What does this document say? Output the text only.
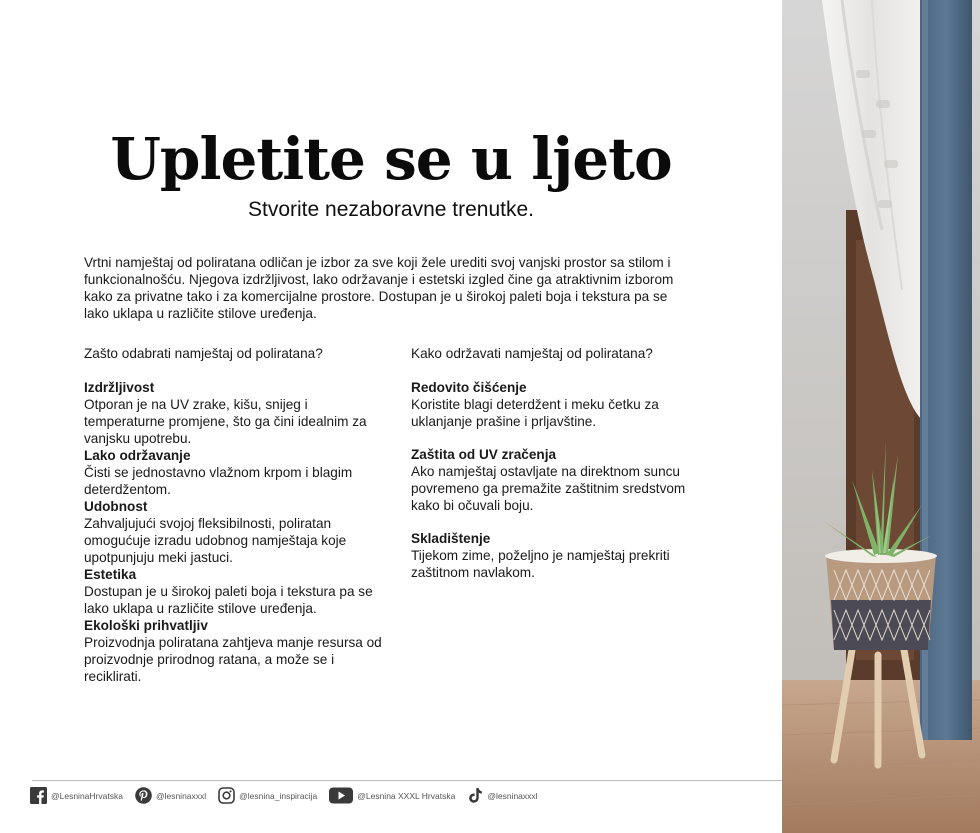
Upletite se u ljeto
Stvorite nezaboravne trenutke.

Vrtni namještaj od poliratana odličan je izbor za sve koji žele urediti svoj vanjski prostor sa stilom i funkcionalnošću. Njegova izdržljivost, lako održavanje i estetski izgled čine ga atraktivnim izborom kako za privatne tako i za komercijalne prostore. Dostupan je u širokoj paleti boja i tekstura pa se lako uklapa u različite stilove uređenja.

Zašto odabrati namještaj od poliratana?

Izdržljivost

Otporan je na UV zrake, kišu, snijeg i temperaturne promjene, što ga čini idealnim za vanjsku upotrebu.

Lako održavanje

Čisti se jednostavno vlažnom krpom i blagim deterdžentom.

Udobnost

Zahvaljujući svojoj fleksibilnosti, poliratan omogućuje izradu udobnog namještaja koje upotpunjuju meki jastuci.

Estetika

Dostupan je u širokoj paleti boja i tekstura pa se lako uklapa u različite stilove uređenja.

Ekološki prihvatljiv

Proizvodnja poliratana zahtjeva manje resursa od proizvodnje prirodnog ratana, a može se i reciklirati.

Kako održavati namještaj od poliratana?

Redovito čišćenje

Koristite blagi deterdžent i meku četku za uklanjanje prašine i prljavštine.

Zaštita od UV zračenja

Ako namještaj ostavljate na direktnom suncu povremeno ga premažite zaštitnim sredstvom kako bi očuvali boju.

Skladištenje

Tijekom zime, poželjno je namještaj prekriti zaštitnom navlakom.

@LesninaHrvatska	@lesninaxxxl	@lesnina_inspiracija	@Lesnina XXXL Hrvatska	@lesninaxxxl
